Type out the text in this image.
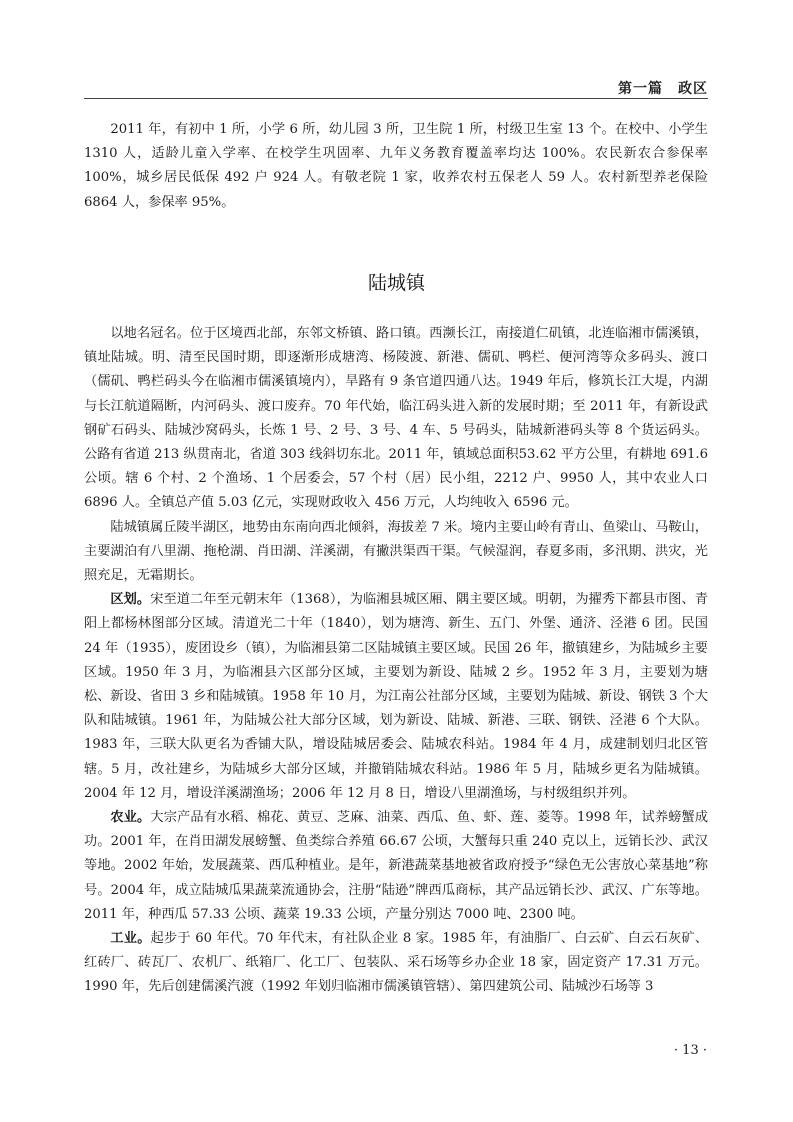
第一篇　政区

2011 年，有初中 1 所，小学 6 所，幼儿园 3 所，卫生院 1 所，村级卫生室 13 个。在校中、小学生 1310 人，适龄儿童入学率、在校学生巩固率、九年义务教育覆盖率均达 100%。农民新农合参保率 100%，城乡居民低保 492 户 924 人。有敬老院 1 家，收养农村五保老人 59 人。农村新型养老保险 6864 人，参保率 95%。

陆城镇

以地名冠名。位于区境西北部，东邻文桥镇、路口镇。西濒长江，南接道仁矶镇，北连临湘市儒溪镇，镇址陆城。明、清至民国时期，即逐渐形成塘湾、杨陵渡、新港、儒矶、鸭栏、便河湾等众多码头、渡口（儒矶、鸭栏码头今在临湘市儒溪镇境内），旱路有 9 条官道四通八达。1949 年后，修筑长江大堤，内湖与长江航道隔断，内河码头、渡口废弃。70 年代始，临江码头进入新的发展时期；至 2011 年，有新设武钢矿石码头、陆城沙窝码头，长炼 1 号、2 号、3 号、4 车、5 号码头，陆城新港码头等 8 个货运码头。公路有省道 213 纵贯南北，省道 303 线斜切东北。2011 年，镇域总面积53.62 平方公里，有耕地 691.6 公顷。辖 6 个村、2 个渔场、1 个居委会，57 个村（居）民小组，2212 户、9950 人，其中农业人口 6896 人。全镇总产值 5.03 亿元，实现财政收入 456 万元，人均纯收入 6596 元。

陆城镇属丘陵半湖区，地势由东南向西北倾斜，海拔差 7 米。境内主要山岭有青山、鱼梁山、马鞍山，主要湖泊有八里湖、拖枪湖、肖田湖、洋溪湖，有撇洪渠西干渠。气候湿润，春夏多雨，多汛期、洪灾，光照充足，无霜期长。

区划。宋至道二年至元朝末年（1368），为临湘县城区厢、隅主要区域。明朝，为擢秀下都县市图、青阳上都杨林图部分区域。清道光二十年（1840），划为塘湾、新生、五门、外堡、通济、泾港 6 团。民国 24 年（1935），废团设乡（镇），为临湘县第二区陆城镇主要区域。民国 26 年，撤镇建乡，为陆城乡主要区域。1950 年 3 月，为临湘县六区部分区域，主要划为新设、陆城 2 乡。1952 年 3 月，主要划为塘松、新设、省田 3 乡和陆城镇。1958 年 10 月，为江南公社部分区域，主要划为陆城、新设、钢铁 3 个大队和陆城镇。1961 年，为陆城公社大部分区域，划为新设、陆城、新港、三联、钢铁、泾港 6 个大队。1983 年，三联大队更名为香铺大队，增设陆城居委会、陆城农科站。1984 年 4 月，成建制划归北区管辖。5 月，改社建乡，为陆城乡大部分区域，并撤销陆城农科站。1986 年 5 月，陆城乡更名为陆城镇。2004 年 12 月，增设洋溪湖渔场；2006 年 12 月 8 日，增设八里湖渔场，与村级组织并列。

农业。大宗产品有水稻、棉花、黄豆、芝麻、油菜、西瓜、鱼、虾、莲、菱等。1998 年，试养螃蟹成功。2001 年，在肖田湖发展螃蟹、鱼类综合养殖 66.67 公顷，大蟹每只重 240 克以上，远销长沙、武汉等地。2002 年始，发展蔬菜、西瓜种植业。是年，新港蔬菜基地被省政府授予“绿色无公害放心菜基地”称号。2004 年，成立陆城瓜果蔬菜流通协会，注册“陆逊”牌西瓜商标，其产品远销长沙、武汉、广东等地。2011 年，种西瓜 57.33 公顷、蔬菜 19.33 公顷，产量分别达 7000 吨、2300 吨。

工业。起步于 60 年代。70 年代末，有社队企业 8 家。1985 年，有油脂厂、白云矿、白云石灰矿、红砖厂、砖瓦厂、农机厂、纸箱厂、化工厂、包装队、采石场等乡办企业 18 家，固定资产 17.31 万元。1990 年，先后创建儒溪汽渡（1992 年划归临湘市儒溪镇管辖）、第四建筑公司、陆城沙石场等 3

· 13 ·
